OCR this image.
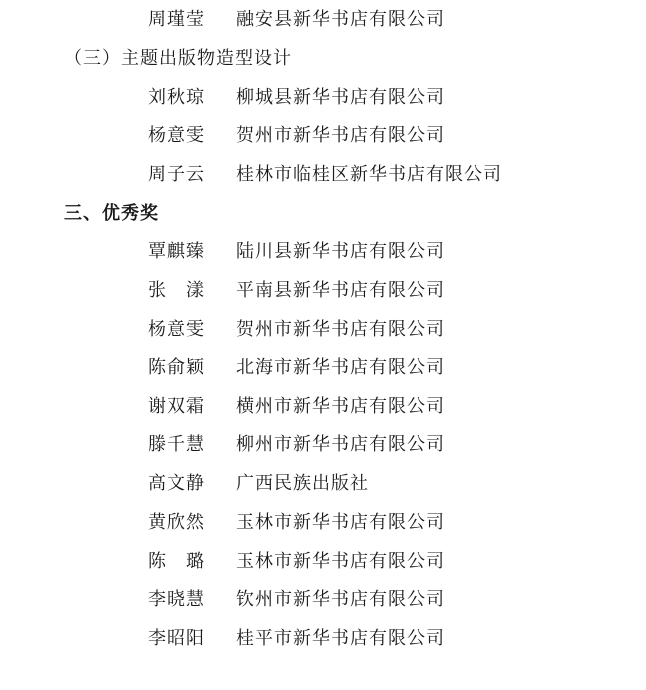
周瑾莹 融安县新华书店有限公司
（三）主题出版物造型设计
刘秋琼 柳城县新华书店有限公司
杨意雯 贺州市新华书店有限公司
周子云 桂林市临桂区新华书店有限公司
三、优秀奖
覃麒臻 陆川县新华书店有限公司
张　漾 平南县新华书店有限公司
杨意雯 贺州市新华书店有限公司
陈俞颖 北海市新华书店有限公司
谢双霜 横州市新华书店有限公司
滕千慧 柳州市新华书店有限公司
高文静 广西民族出版社
黄欣然 玉林市新华书店有限公司
陈　璐 玉林市新华书店有限公司
李晓慧 钦州市新华书店有限公司
李昭阳 桂平市新华书店有限公司
